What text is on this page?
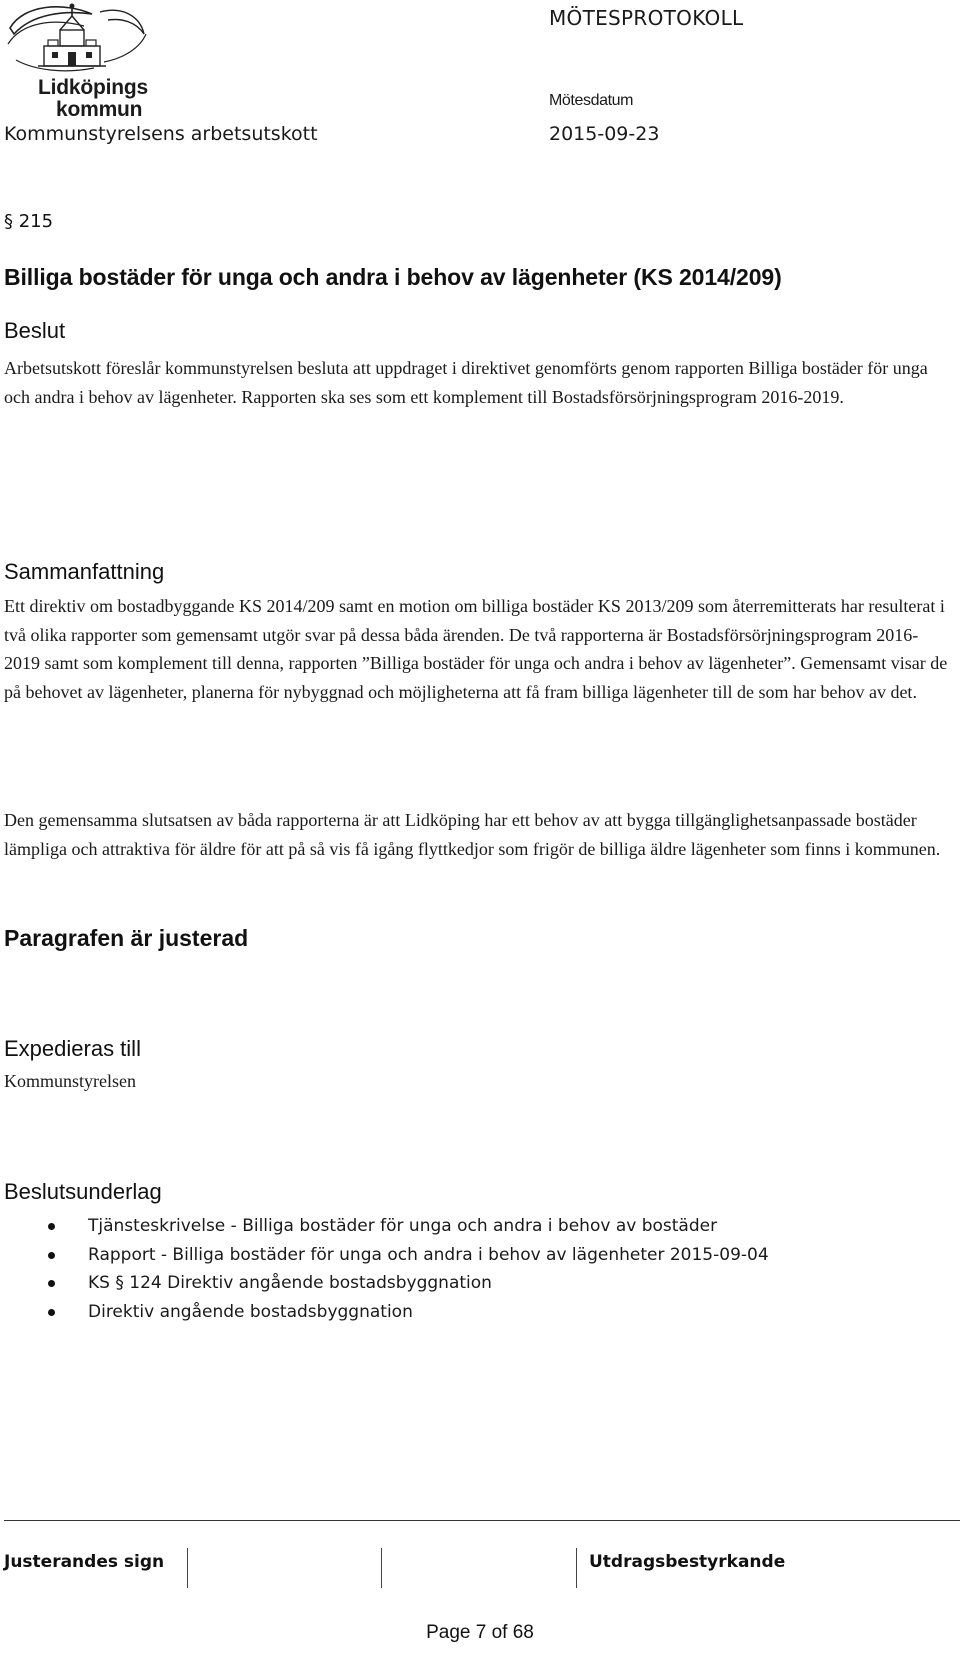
Lidköpings
kommun
MÖTESPROTOKOLL
Mötesdatum
Kommunstyrelsens arbetsutskott	2015-09-23
§ 215
Billiga bostäder för unga och andra i behov av lägenheter (KS 2014/209)
Beslut

Arbetsutskott föreslår kommunstyrelsen besluta att uppdraget i direktivet genomförts genom rapporten Billiga bostäder för unga och andra i behov av lägenheter. Rapporten ska ses som ett komplement till Bostadsförsörjningsprogram 2016-2019.

Sammanfattning

Ett direktiv om bostadbyggande KS 2014/209 samt en motion om billiga bostäder KS 2013/209 som återremitterats har resulterat i två olika rapporter som gemensamt utgör svar på dessa båda ärenden. De två rapporterna är Bostadsförsörjningsprogram 2016-2019 samt som komplement till denna, rapporten ”Billiga bostäder för unga och andra i behov av lägenheter”. Gemensamt visar de på behovet av lägenheter, planerna för nybyggnad och möjligheterna att få fram billiga lägenheter till de som har behov av det.

Den gemensamma slutsatsen av båda rapporterna är att Lidköping har ett behov av att bygga tillgänglighetsanpassade bostäder lämpliga och attraktiva för äldre för att på så vis få igång flyttkedjor som frigör de billiga äldre lägenheter som finns i kommunen.

Paragrafen är justerad
Expedieras till
Kommunstyrelsen
Beslutsunderlag
Tjänsteskrivelse - Billiga bostäder för unga och andra i behov av bostäder
Rapport - Billiga bostäder för unga och andra i behov av lägenheter 2015-09-04
KS § 124 Direktiv angående bostadsbyggnation
Direktiv angående bostadsbyggnation
Justerandes sign	Utdragsbestyrkande
Page 7 of 68
